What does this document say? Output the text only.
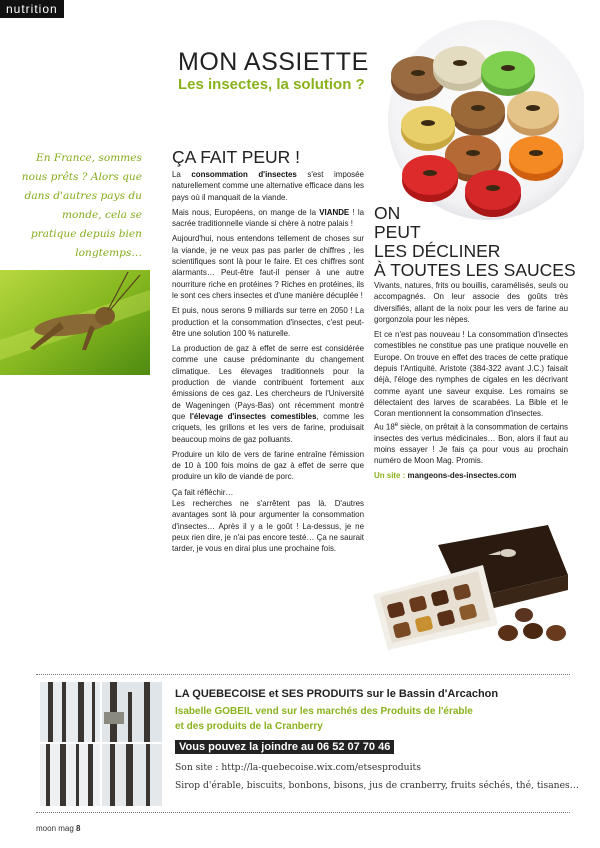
nutrition
MON ASSIETTE
Les insectes, la solution ?
En France, sommes nous prêts ? Alors que dans d'autres pays du monde, cela se pratique depuis bien longtemps…
ÇA FAIT PEUR !

La consommation d'insectes s'est imposée naturellement comme une alternative efficace dans les pays où il manquait de la viande.

Mais nous, Européens, on mange de la VIANDE ! la sacrée traditionnelle viande si chère à notre palais !

Aujourd'hui, nous entendons tellement de choses sur la viande, je ne veux pas pas parler de chiffres , les scientifiques sont là pour le faire. Et ces chiffres sont alarmants… Peut-être faut-il penser à une autre nourriture riche en protéines ? Riches en protéines, ils le sont ces chers insectes et d'une manière décuplée !

Et puis, nous serons 9 milliards sur terre en 2050 ! La production et la consommation d'insectes, c'est peut-être une solution 100 % naturelle.

La production de gaz à effet de serre est considérée comme une cause prédominante du changement climatique. Les élevages traditionnels pour la production de viande contribuent fortement aux émissions de ces gaz. Les chercheurs de l'Université de Wageningen (Pays-Bas) ont récemment montré que l'élevage d'insectes comestibles, comme les criquets, les grillons et les vers de farine, produisait beaucoup moins de gaz polluants.

Produire un kilo de vers de farine entraîne l'émission de 10 à 100 fois moins de gaz à effet de serre que produire un kilo de viande de porc.

Ça fait réfléchir…

Les recherches ne s'arrêtent pas là. D'autres avantages sont là pour argumenter la consommation d'insectes… Après il y a le goût ! La-dessus, je ne peux rien dire, je n'ai pas encore testé… Ça ne saurait tarder, je vous en dirai plus une prochaine fois.

ON
PEUT
LES DÉCLINER
À TOUTES LES SAUCES

Vivants, natures, frits ou bouillis, caramélisés, seuls ou accompagnés. On leur associe des goûts très diversifiés, allant de la noix pour les vers de farine au gorgonzola pour les nèpes.

Et ce n'est pas nouveau ! La consommation d'insectes comestibles ne constitue pas une pratique nouvelle en Europe. On trouve en effet des traces de cette pratique depuis l'Antiquité. Aristote (384-322 avant J.C.) faisait déjà, l'éloge des nymphes de cigales en les décrivant comme ayant une saveur exquise. Les romains se délectaient des larves de scarabées. La Bible et le Coran mentionnent la consommation d'insectes.

Au 18e siècle, on prêtait à la consommation de certains insectes des vertus médicinales… Bon, alors il faut au moins essayer ! Je fais ça pour vous au prochain numéro de Moon Mag. Promis.

Un site : mangeons-des-insectes.com

LA QUEBECOISE et SES PRODUITS sur le Bassin d'Arcachon
Isabelle GOBEIL vend sur les marchés des Produits de l'érable
et des produits de la Cranberry
Vous pouvez la joindre au 06 52 07 70 46
Son site : http://la-quebecoise.wix.com/etsesproduits
Sirop d'érable, biscuits, bonbons, bisons, jus de cranberry, fruits séchés, thé, tisanes…
moon mag 8
